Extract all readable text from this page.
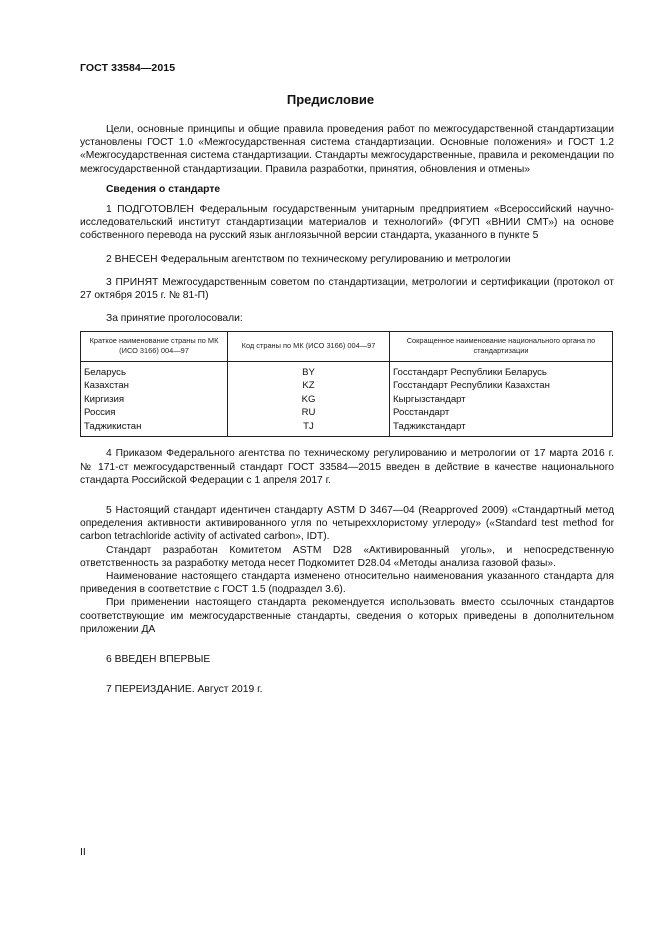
ГОСТ 33584—2015
Предисловие

Цели, основные принципы и общие правила проведения работ по межгосударственной стандартизации установлены ГОСТ 1.0 «Межгосударственная система стандартизации. Основные положения» и ГОСТ 1.2 «Межгосударственная система стандартизации. Стандарты межгосударственные, правила и рекомендации по межгосударственной стандартизации. Правила разработки, принятия, обновления и отмены»

Сведения о стандарте

1 ПОДГОТОВЛЕН Федеральным государственным унитарным предприятием «Всероссийский научно-исследовательский институт стандартизации материалов и технологий» (ФГУП «ВНИИ СМТ») на основе собственного перевода на русский язык англоязычной версии стандарта, указанного в пункте 5

2 ВНЕСЕН Федеральным агентством по техническому регулированию и метрологии

3 ПРИНЯТ Межгосударственным советом по стандартизации, метрологии и сертификации (протокол от 27 октября 2015 г. № 81-П)

За принятие проголосовали:

Краткое наименование страны по МК (ИСО 3166) 004—97	Код страны по МК (ИСО 3166) 004—97	Сокращенное наименование национального органа по стандартизации
Беларусь	BY	Госстандарт Республики Беларусь
Казахстан	KZ	Госстандарт Республики Казахстан
Киргизия	KG	Кыргызстандарт
Россия	RU	Росстандарт
Таджикистан	TJ	Таджикстандарт

4 Приказом Федерального агентства по техническому регулированию и метрологии от 17 марта 2016 г. № 171-ст межгосударственный стандарт ГОСТ 33584—2015 введен в действие в качестве национального стандарта Российской Федерации с 1 апреля 2017 г.

5 Настоящий стандарт идентичен стандарту ASTM D 3467—04 (Reapproved 2009) «Стандартный метод определения активности активированного угля по четыреххлористому углероду» («Standard test method for carbon tetrachloride activity of activated carbon», IDT).

Стандарт разработан Комитетом ASTM D28 «Активированный уголь», и непосредственную ответственность за разработку метода несет Подкомитет D28.04 «Методы анализа газовой фазы».

Наименование настоящего стандарта изменено относительно наименования указанного стандарта для приведения в соответствие с ГОСТ 1.5 (подраздел 3.6).

При применении настоящего стандарта рекомендуется использовать вместо ссылочных стандартов соответствующие им межгосударственные стандарты, сведения о которых приведены в дополнительном приложении ДА

6 ВВЕДЕН ВПЕРВЫЕ

7 ПЕРЕИЗДАНИЕ. Август 2019 г.

II
